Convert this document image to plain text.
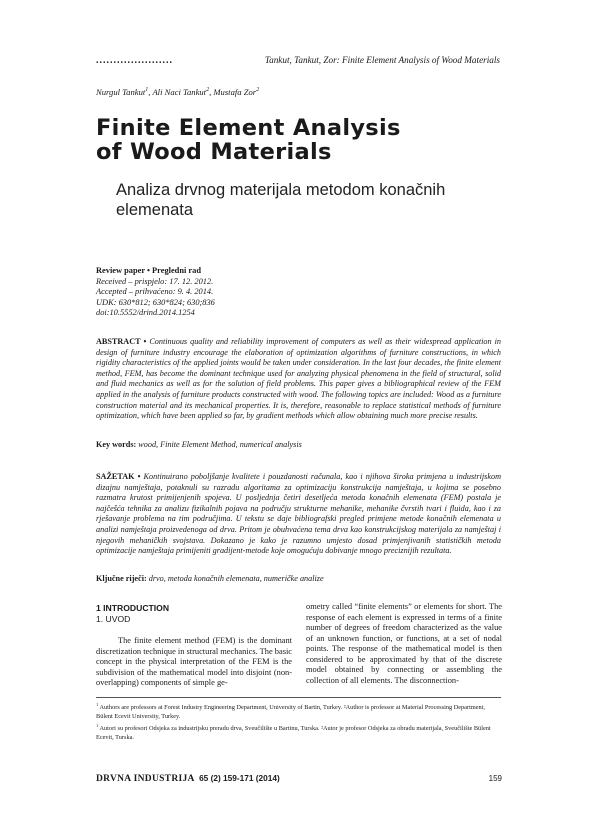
......................	Tankut, Tankut, Zor: Finite Element Analysis of Wood Materials
Nurgul Tankut$^1$, Ali Naci Tankut$^2$, Mustafa Zor$^2$
Finite Element Analysis
of Wood Materials
Analiza drvnog materijala metodom konačnih
elemenata
Review paper • Pregledni rad
Received – prispjelo: 17. 12. 2012.
Accepted – prihvaćeno: 9. 4. 2014.
UDK: 630*812; 630*824; 630;836
doi:10.5552/drind.2014.1254
ABSTRACT • Continuous quality and reliability improvement of computers as well as their widespread application in design of furniture industry encourage the elaboration of optimization algorithms of furniture constructions, in which rigidity characteristics of the applied joints would be taken under consideration. In the last four decades, the finite element method, FEM, has become the dominant technique used for analyzing physical phenomena in the field of structural, solid and fluid mechanics as well as for the solution of field problems. This paper gives a bibliographical review of the FEM applied in the analysis of furniture products constructed with wood. The following topics are included: Wood as a furniture construction material and its mechanical properties. It is, therefore, reasonable to replace statistical methods of furniture optimization, which have been applied so far, by gradient methods which allow obtaining much more precise results.
Key words: wood, Finite Element Method, numerical analysis
SAŽETAK • Kontinuirano poboljšanje kvalitete i pouzdanosti računala, kao i njihova široka primjena u industrijskom dizajnu namještaja, potaknuli su razradu algoritama za optimizaciju konstrukcija namještaja, u kojima se posebno razmatra krutost primijenjenih spojeva. U posljednja četiri desetljeća metoda konačnih elemenata (FEM) postala je najčešća tehnika za analizu fizikalnih pojava na području strukturne mehanike, mehanike čvrstih tvari i fluida, kao i za rješavanje problema na tim područjima. U tekstu se daje bibliografski pregled primjene metode konačnih elemenata u analizi namještaja proizvedenoga od drva. Pritom je obuhvaćena tema drva kao konstrukcijskog materijala za namještaj i njegovih mehaničkih svojstava. Dokazano je kako je razumno umjesto dosad primjenjivanih statističkih metoda optimizacije namještaja primijeniti gradijent-metode koje omogućuju dobivanje mnogo preciznijih rezultata.
Ključne riječi: drvo, metoda konačnih elemenata, numeričke analize
1 INTRODUCTION
1. UVOD
The finite element method (FEM) is the dominant discretization technique in structural mechanics. The basic concept in the physical interpretation of the FEM is the subdivision of the mathematical model into disjoint (non-overlapping) components of simple ge-
ometry called “finite elements” or elements for short. The response of each element is expressed in terms of a finite number of degrees of freedom characterized as the value of an unknown function, or functions, at a set of nodal points. The response of the mathematical model is then considered to be approximated by that of the discrete model obtained by connecting or assembling the collection of all elements. The disconnection-

$^1$ Authors are professors at Forest Industry Engineering Department, University of Bartin, Turkey. ²Author is professor at Material Processing Department, Bülent Ecevit University, Turkey.

$^1$ Autori su profesori Odsjeka za industrijsku preradu drva, Sveučilište u Bartinu, Turska. ²Autor je profesor Odsjeka za obradu materijala, Sveučilište Bülent Ecevit, Turska.

DRVNA INDUSTRIJA 65 (2) 159-171 (2014)	159
